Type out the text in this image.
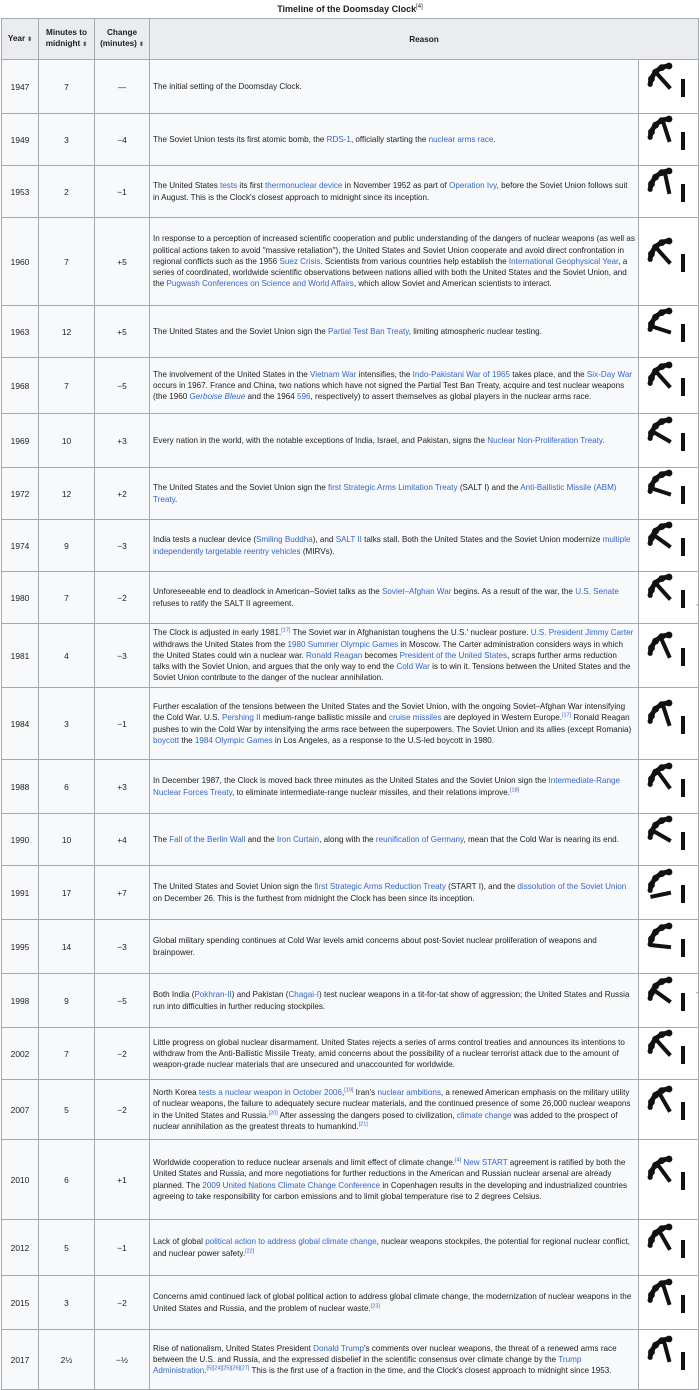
Timeline of the Doomsday Clock[4]
Year ⬍	Minutes to midnight ⬍	Change (minutes) ⬍	Reason	
1947	7	—	The initial setting of the Doomsday Clock.	

1949	3	−4	The Soviet Union tests its first atomic bomb, the RDS-1, officially starting the nuclear arms race.	

1953	2	−1	The United States tests its first thermonuclear device in November 1952 as part of Operation Ivy, before the Soviet Union follows suit in August. This is the Clock's closest approach to midnight since its inception.	

1960	7	+5	In response to a perception of increased scientific cooperation and public understanding of the dangers of nuclear weapons (as well as political actions taken to avoid "massive retaliation"), the United States and Soviet Union cooperate and avoid direct confrontation in regional conflicts such as the 1956 Suez Crisis. Scientists from various countries help establish the International Geophysical Year, a series of coordinated, worldwide scientific observations between nations allied with both the United States and the Soviet Union, and the Pugwash Conferences on Science and World Affairs, which allow Soviet and American scientists to interact.	

1963	12	+5	The United States and the Soviet Union sign the Partial Test Ban Treaty, limiting atmospheric nuclear testing.	

1968	7	−5	The involvement of the United States in the Vietnam War intensifies, the Indo-Pakistani War of 1965 takes place, and the Six-Day War occurs in 1967. France and China, two nations which have not signed the Partial Test Ban Treaty, acquire and test nuclear weapons (the 1960 Gerboise Bleue and the 1964 596, respectively) to assert themselves as global players in the nuclear arms race.	

1969	10	+3	Every nation in the world, with the notable exceptions of India, Israel, and Pakistan, signs the Nuclear Non-Proliferation Treaty.	

1972	12	+2	The United States and the Soviet Union sign the first Strategic Arms Limitation Treaty (SALT I) and the Anti-Ballistic Missile (ABM) Treaty.	

1974	9	−3	India tests a nuclear device (Smiling Buddha), and SALT II talks stall. Both the United States and the Soviet Union modernize multiple independently targetable reentry vehicles (MIRVs).	

1980	7	−2	Unforeseeable end to deadlock in American–Soviet talks as the Soviet–Afghan War begins. As a result of the war, the U.S. Senate refuses to ratify the SALT II agreement.	

1981	4	−3	The Clock is adjusted in early 1981.[17] The Soviet war in Afghanistan toughens the U.S.' nuclear posture. U.S. President Jimmy Carter withdraws the United States from the 1980 Summer Olympic Games in Moscow. The Carter administration considers ways in which the United States could win a nuclear war. Ronald Reagan becomes President of the United States, scraps further arms reduction talks with the Soviet Union, and argues that the only way to end the Cold War is to win it. Tensions between the United States and the Soviet Union contribute to the danger of the nuclear annihilation.	

1984	3	−1	Further escalation of the tensions between the United States and the Soviet Union, with the ongoing Soviet–Afghan War intensifying the Cold War. U.S. Pershing II medium-range ballistic missile and cruise missiles are deployed in Western Europe.[17] Ronald Reagan pushes to win the Cold War by intensifying the arms race between the superpowers. The Soviet Union and its allies (except Romania) boycott the 1984 Olympic Games in Los Angeles, as a response to the U.S-led boycott in 1980.	

1988	6	+3	In December 1987, the Clock is moved back three minutes as the United States and the Soviet Union sign the Intermediate-Range Nuclear Forces Treaty, to eliminate intermediate-range nuclear missiles, and their relations improve.[18]	

1990	10	+4	The Fall of the Berlin Wall and the Iron Curtain, along with the reunification of Germany, mean that the Cold War is nearing its end.	

1991	17	+7	The United States and Soviet Union sign the first Strategic Arms Reduction Treaty (START I), and the dissolution of the Soviet Union on December 26. This is the furthest from midnight the Clock has been since its inception.	

1995	14	−3	Global military spending continues at Cold War levels amid concerns about post-Soviet nuclear proliferation of weapons and brainpower.	

1998	9	−5	Both India (Pokhran-II) and Pakistan (Chagai-I) test nuclear weapons in a tit-for-tat show of aggression; the United States and Russia run into difficulties in further reducing stockpiles.	

2002	7	−2	Little progress on global nuclear disarmament. United States rejects a series of arms control treaties and announces its intentions to withdraw from the Anti-Ballistic Missile Treaty, amid concerns about the possibility of a nuclear terrorist attack due to the amount of weapon-grade nuclear materials that are unsecured and unaccounted for worldwide.	

2007	5	−2	North Korea tests a nuclear weapon in October 2006,[19] Iran's nuclear ambitions, a renewed American emphasis on the military utility of nuclear weapons, the failure to adequately secure nuclear materials, and the continued presence of some 26,000 nuclear weapons in the United States and Russia.[20] After assessing the dangers posed to civilization, climate change was added to the prospect of nuclear annihilation as the greatest threats to humankind.[21]	

2010	6	+1	Worldwide cooperation to reduce nuclear arsenals and limit effect of climate change.[4] New START agreement is ratified by both the United States and Russia, and more negotiations for further reductions in the American and Russian nuclear arsenal are already planned. The 2009 United Nations Climate Change Conference in Copenhagen results in the developing and industrialized countries agreeing to take responsibility for carbon emissions and to limit global temperature rise to 2 degrees Celsius.	

2012	5	−1	Lack of global political action to address global climate change, nuclear weapons stockpiles, the potential for regional nuclear conflict, and nuclear power safety.[22]	

2015	3	−2	Concerns amid continued lack of global political action to address global climate change, the modernization of nuclear weapons in the United States and Russia, and the problem of nuclear waste.[23]	

2017	2½	−½	Rise of nationalism, United States President Donald Trump's comments over nuclear weapons, the threat of a renewed arms race between the U.S. and Russia, and the expressed disbelief in the scientific consensus over climate change by the Trump Administration.[5][24][25][26][27] This is the first use of a fraction in the time, and the Clock's closest approach to midnight since 1953.	
,
-
